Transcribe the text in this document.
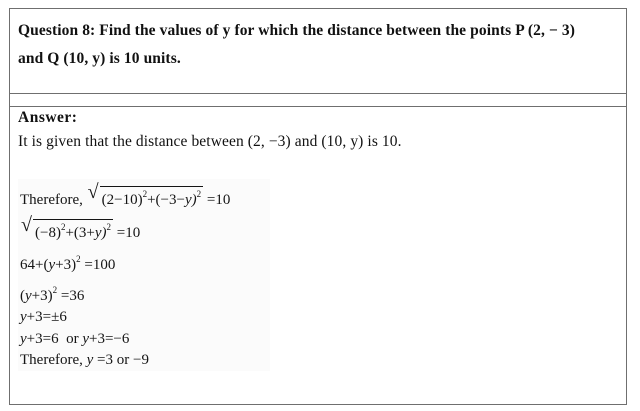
Question 8: Find the values of y for which the distance between the points P (2, − 3)
and Q (10, y) is 10 units.
Answer:
It is given that the distance between (2, −3) and (10, y) is 10.
Therefore, √ $(2-10)^2+(-3-y)^2 =10$
√ $(-8)^2+(3+y)^2 =10$
$64+(y+3)^2 =100$
$(y+3)^2 =36$
y+3=±6
y+3=6  or y+3=−6
Therefore, y =3 or −9
